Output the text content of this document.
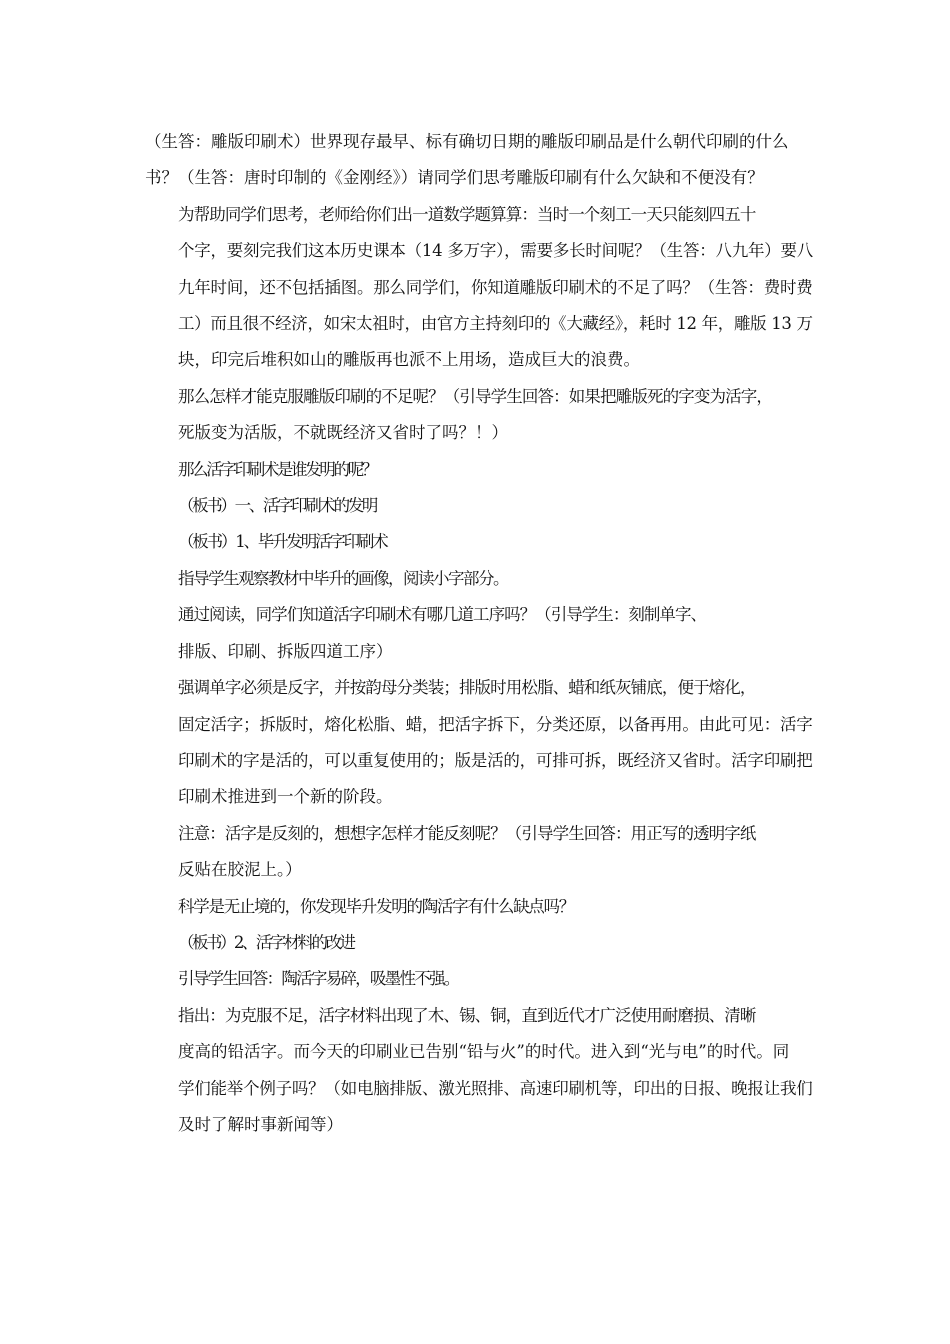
（生答：雕版印刷术）世界现存最早、标有确切日期的雕版印刷品是什么朝代印刷的什么
书？（生答：唐时印制的《金刚经》）请同学们思考雕版印刷有什么欠缺和不便没有？

为帮助同学们思考，老师给你们出一道数学题算算：当时一个刻工一天只能刻四五十
个字，要刻完我们这本历史课本（14 多万字），需要多长时间呢？（生答：八九年）要八
九年时间，还不包括插图。那么同学们，你知道雕版印刷术的不足了吗？（生答：费时费
工）而且很不经济，如宋太祖时，由官方主持刻印的《大藏经》，耗时 12 年，雕版 13 万
块，印完后堆积如山的雕版再也派不上用场，造成巨大的浪费。

那么怎样才能克服雕版印刷的不足呢？（引导学生回答：如果把雕版死的字变为活字，
死版变为活版，不就既经济又省时了吗？！）

那么活字印刷术是谁发明的呢？

（板书）一、活字印刷术的发明

（板书）1、毕升发明活字印刷术

指导学生观察教材中毕升的画像，阅读小字部分。

通过阅读，同学们知道活字印刷术有哪几道工序吗？（引导学生：刻制单字、
排版、印刷、拆版四道工序）

强调单字必须是反字，并按韵母分类装；排版时用松脂、蜡和纸灰铺底，便于熔化，
固定活字；拆版时，熔化松脂、蜡，把活字拆下，分类还原，以备再用。由此可见：活字
印刷术的字是活的，可以重复使用的；版是活的，可排可拆，既经济又省时。活字印刷把
印刷术推进到一个新的阶段。

注意：活字是反刻的，想想字怎样才能反刻呢？（引导学生回答：用正写的透明字纸
反贴在胶泥上。）

科学是无止境的，你发现毕升发明的陶活字有什么缺点吗？

（板书）2、活字材料的改进

引导学生回答：陶活字易碎，吸墨性不强。

指出：为克服不足，活字材料出现了木、锡、铜，直到近代才广泛使用耐磨损、清晰
度高的铅活字。而今天的印刷业已告别“铅与火”的时代。进入到“光与电”的时代。同
学们能举个例子吗？（如电脑排版、激光照排、高速印刷机等，印出的日报、晚报让我们
及时了解时事新闻等）
